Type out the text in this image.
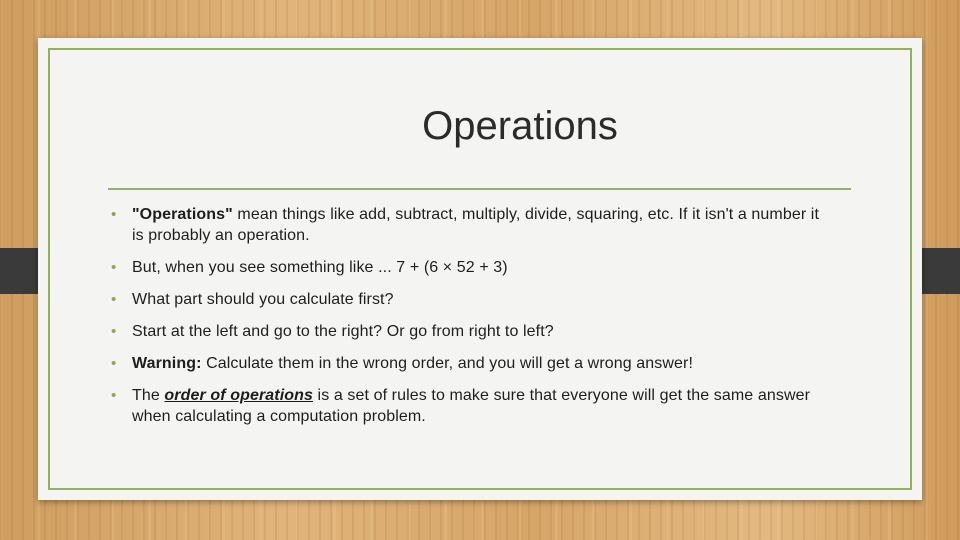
Operations
• "Operations" mean things like add, subtract, multiply, divide, squaring, etc. If it isn't a number it is probably an operation.
• But, when you see something like ... 7 + (6 × 52 + 3)
• What part should you calculate first?
• Start at the left and go to the right? Or go from right to left?
• Warning: Calculate them in the wrong order, and you will get a wrong answer!
• The order of operations is a set of rules to make sure that everyone will get the same answer when calculating a computation problem.
